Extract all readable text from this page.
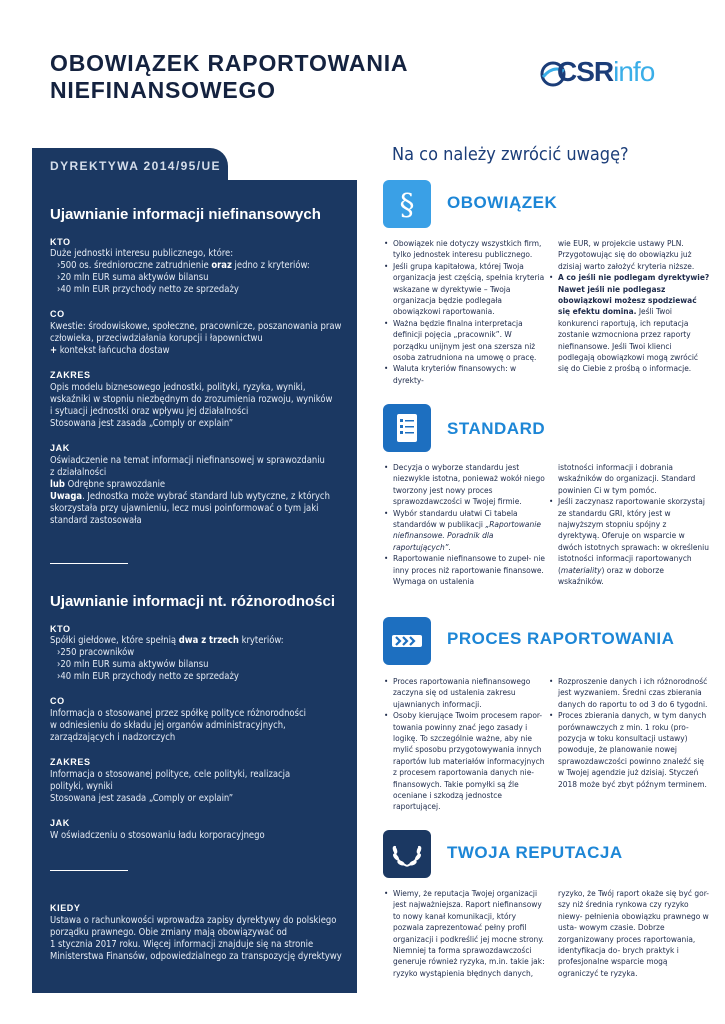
OBOWIĄZEK RAPORTOWANIA
NIEFINANSOWEGO
CSRinfo
DYREKTYWA 2014/95/UE
Ujawnianie informacji niefinansowych
KTO
Duże jednostki interesu publicznego, które:
›500 os. średnioroczne zatrudnienie oraz jedno z kryteriów:
›20 mln EUR suma aktywów bilansu
›40 mln EUR przychody netto ze sprzedaży
CO
Kwestie: środowiskowe, społeczne, pracownicze, poszanowania praw
człowieka, przeciwdziałania korupcji i łapownictwu
+ kontekst łańcucha dostaw
ZAKRES
Opis modelu biznesowego jednostki, polityki, ryzyka, wyniki,
wskaźniki w stopniu niezbędnym do zrozumienia rozwoju, wyników
i sytuacji jednostki oraz wpływu jej działalności
Stosowana jest zasada „Comply or explain”
JAK
Oświadczenie na temat informacji niefinansowej w sprawozdaniu
z działalności
lub Odrębne sprawozdanie
Uwaga. Jednostka może wybrać standard lub wytyczne, z których
skorzystała przy ujawnieniu, lecz musi poinformować o tym jaki
standard zastosowała
Ujawnianie informacji nt. różnorodności
KTO
Spółki giełdowe, które spełnią dwa z trzech kryteriów:
›250 pracowników
›20 mln EUR suma aktywów bilansu
›40 mln EUR przychody netto ze sprzedaży
CO
Informacja o stosowanej przez spółkę polityce różnorodności
w odniesieniu do składu jej organów administracyjnych,
zarządzających i nadzorczych
ZAKRES
Informacja o stosowanej polityce, cele polityki, realizacja
polityki, wyniki
Stosowana jest zasada „Comply or explain”
JAK
W oświadczeniu o stosowaniu ładu korporacyjnego
KIEDY
Ustawa o rachunkowości wprowadza zapisy dyrektywy do polskiego
porządku prawnego. Obie zmiany mają obowiązywać od
1 stycznia 2017 roku. Więcej informacji znajduje się na stronie
Ministerstwa Finansów, odpowiedzialnego za transpozycję dyrektywy
Na co należy zwrócić uwagę?
§ OBOWIĄZEK
• Obowiązek nie dotyczy wszystkich firm, tylko jednostek interesu publicznego.
• Jeśli grupa kapitałowa, której Twoja organizacja jest częścią, spełnia kryteria wskazane w dyrektywie – Twoja organizacja będzie podlegała obowiązkowi raportowania.
• Ważna będzie finalna interpretacja definicji pojęcia „pracownik”. W porządku unijnym jest ona szersza niż osoba zatrudniona na umowę o pracę.
• Waluta kryteriów finansowych: w dyrekty-

wie EUR, w projekcie ustawy PLN. Przygotowując się do obowiązku już dzisiaj warto założyć kryteria niższe.

• A co jeśli nie podlegam dyrektywie? Nawet jeśli nie podlegasz obowiązkowi możesz spodziewać się efektu domina. Jeśli Twoi konkurenci raportują, ich reputacja zostanie wzmocniona przez raporty niefinansowe. Jeśli Twoi klienci podlegają obowiązkowi mogą zwrócić się do Ciebie z prośbą o informacje.
STANDARD
• Decyzja o wyborze standardu jest niezwykle istotna, ponieważ wokół niego tworzony jest nowy proces sprawozdawczości w Twojej firmie.
• Wybór standardu ułatwi Ci tabela standardów w publikacji „Raportowanie niefinansowe. Poradnik dla raportujących”.
• Raportowanie niefinansowe to zupeł- nie inny proces niż raportowanie finansowe. Wymaga on ustalenia

istotności informacji i dobrania wskaźników do organizacji. Standard powinien Ci w tym pomóc.

• Jeśli zaczynasz raportowanie skorzystaj ze standardu GRI, który jest w najwyższym stopniu spójny z dyrektywą. Oferuje on wsparcie w dwóch istotnych sprawach: w określeniu istotności informacji raportowanych (materiality) oraz w doborze wskaźników.
PROCES RAPORTOWANIA
• Proces raportowania niefinansowego zaczyna się od ustalenia zakresu ujawnianych informacji.
• Osoby kierujące Twoim procesem rapor- towania powinny znać jego zasady i logikę. To szczególnie ważne, aby nie mylić sposobu przygotowywania innych raportów lub materiałów informacyjnych z procesem raportowania danych nie- finansowych. Takie pomyłki są źle oceniane i szkodzą jednostce raportującej.
• Rozproszenie danych i ich różnorodność jest wyzwaniem. Średni czas zbierania danych do raportu to od 3 do 6 tygodni.
• Proces zbierania danych, w tym danych porównawczych z min. 1 roku (pro- pozycja w toku konsultacji ustawy) powoduje, że planowanie nowej sprawozdawczości powinno znaleźć się w Twojej agendzie już dzisiaj. Styczeń 2018 może być zbyt późnym terminem.
TWOJA REPUTACJA
• Wiemy, że reputacja Twojej organizacji jest najważniejsza. Raport niefinansowy to nowy kanał komunikacji, który pozwala zaprezentować pełny profil organizacji i podkreślić jej mocne strony. Niemniej ta forma sprawozdawczości generuje również ryzyka, m.in. takie jak: ryzyko wystąpienia błędnych danych,

ryzyko, że Twój raport okaże się być gor- szy niż średnia rynkowa czy ryzyko niewy- pełnienia obowiązku prawnego w usta- wowym czasie. Dobrze zorganizowany proces raportowania, identyfikacja do- brych praktyk i profesjonalne wsparcie mogą ograniczyć te ryzyka.
